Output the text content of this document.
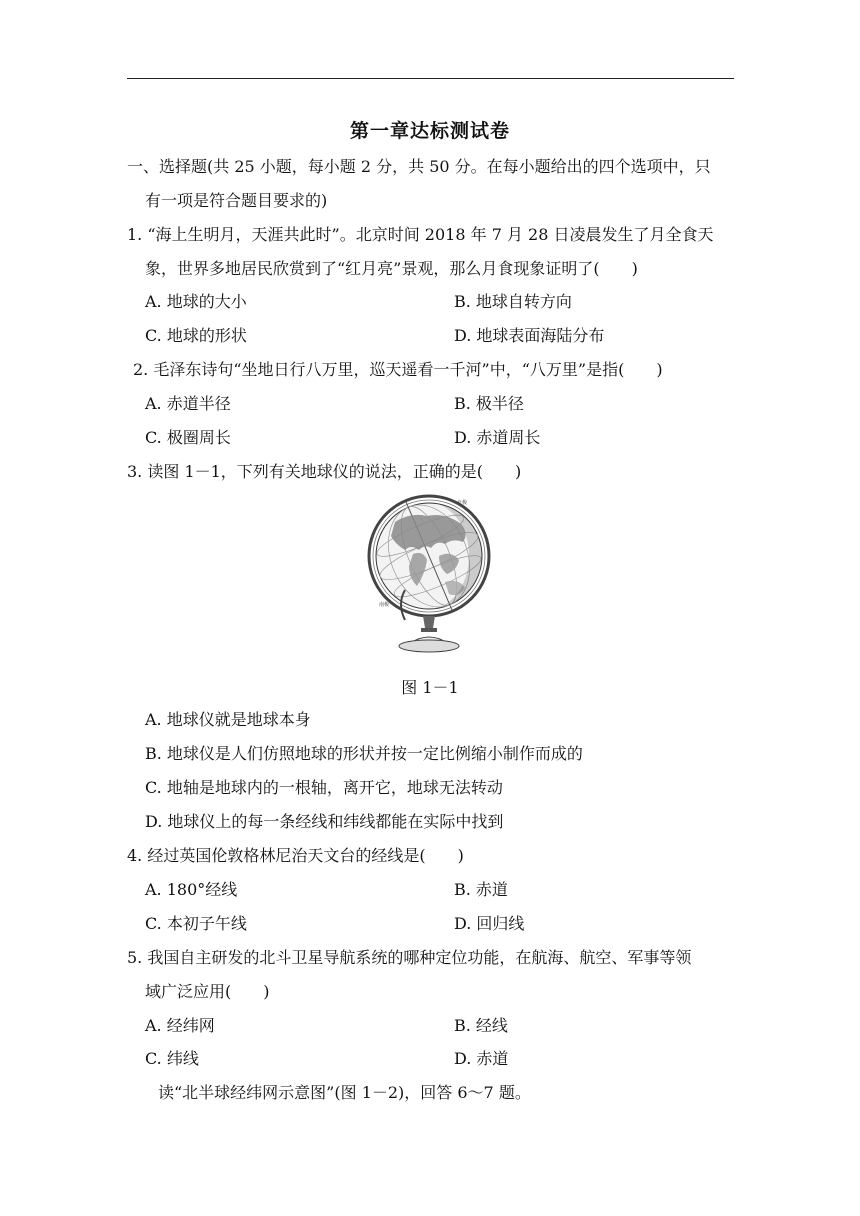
第一章达标测试卷
一、选择题(共 25 小题，每小题 2 分，共 50 分。在每小题给出的四个选项中，只
有一项是符合题目要求的)
1. “海上生明月，天涯共此时”。北京时间 2018 年 7 月 28 日凌晨发生了月全食天
象，世界多地居民欣赏到了“红月亮”景观，那么月食现象证明了(　　)
A. 地球的大小	B. 地球自转方向
C. 地球的形状	D. 地球表面海陆分布
2. 毛泽东诗句“坐地日行八万里，巡天遥看一千河”中，“八万里”是指(　　)
A. 赤道半径	B. 极半径
C. 极圈周长	D. 赤道周长
3. 读图 1－1，下列有关地球仪的说法，正确的是(　　)
北极
南极
图 1－1
A. 地球仪就是地球本身
B. 地球仪是人们仿照地球的形状并按一定比例缩小制作而成的
C. 地轴是地球内的一根轴，离开它，地球无法转动
D. 地球仪上的每一条经线和纬线都能在实际中找到
4. 经过英国伦敦格林尼治天文台的经线是(　　)
A. 180°经线	B. 赤道
C. 本初子午线	D. 回归线
5. 我国自主研发的北斗卫星导航系统的哪种定位功能，在航海、航空、军事等领
域广泛应用(　　)
A. 经纬网	B. 经线
C. 纬线	D. 赤道
读“北半球经纬网示意图”(图 1－2)，回答 6～7 题。
